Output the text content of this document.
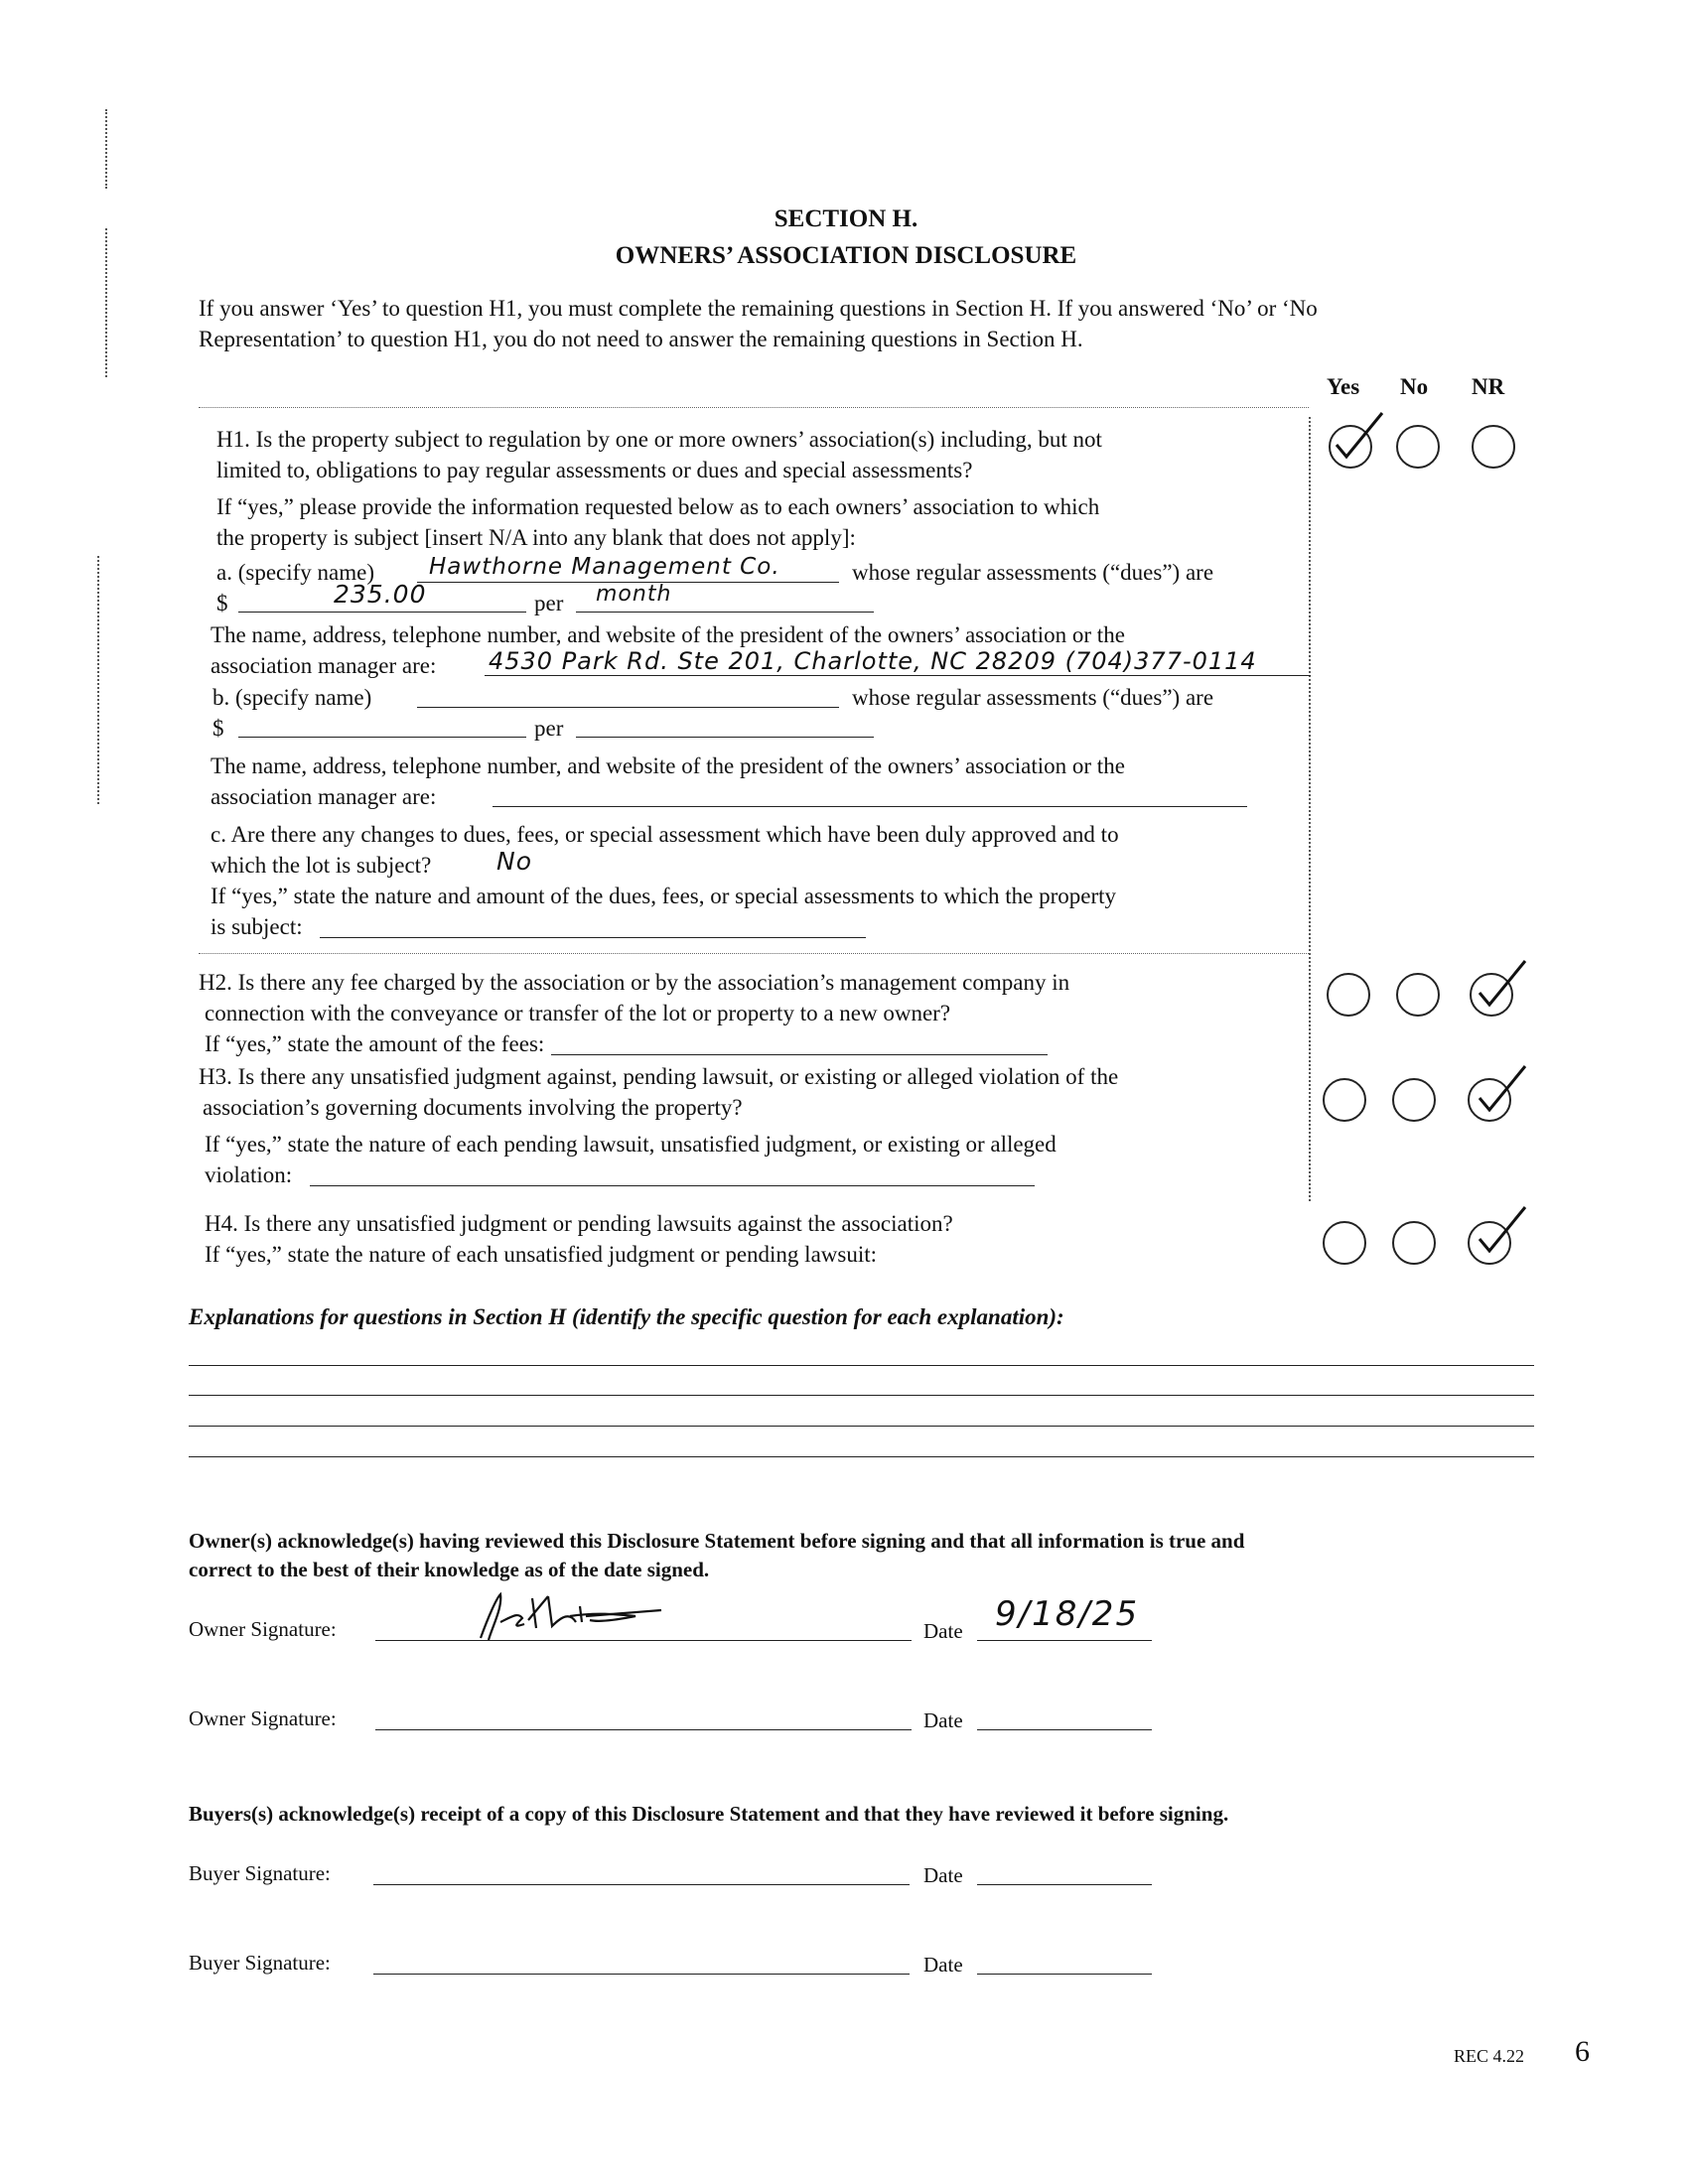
SECTION H.
OWNERS’ ASSOCIATION DISCLOSURE
If you answer ‘Yes’ to question H1, you must complete the remaining questions in Section H. If you answered ‘No’ or ‘No
Representation’ to question H1, you do not need to answer the remaining questions in Section H.
Yes No NR
H1. Is the property subject to regulation by one or more owners’ association(s) including, but not
limited to, obligations to pay regular assessments or dues and special assessments?
If “yes,” please provide the information requested below as to each owners’ association to which
the property is subject [insert N/A into any blank that does not apply]:
a. (specify name) Hawthorne Management Co.	whose regular assessments (“dues”) are
$	235.00	per month
The name, address, telephone number, and website of the president of the owners’ association or the
association manager are: 4530 Park Rd. Ste 201, Charlotte, NC 28209 (704)377-0114
b. (specify name)	whose regular assessments (“dues”) are
$	per
The name, address, telephone number, and website of the president of the owners’ association or the
association manager are:
c. Are there any changes to dues, fees, or special assessment which have been duly approved and to
which the lot is subject?	No
If “yes,” state the nature and amount of the dues, fees, or special assessments to which the property
is subject:
H2. Is there any fee charged by the association or by the association’s management company in
connection with the conveyance or transfer of the lot or property to a new owner?
If “yes,” state the amount of the fees:
H3. Is there any unsatisfied judgment against, pending lawsuit, or existing or alleged violation of the
association’s governing documents involving the property?
If “yes,” state the nature of each pending lawsuit, unsatisfied judgment, or existing or alleged
violation:
H4. Is there any unsatisfied judgment or pending lawsuits against the association?
If “yes,” state the nature of each unsatisfied judgment or pending lawsuit:
Explanations for questions in Section H (identify the specific question for each explanation):
Owner(s) acknowledge(s) having reviewed this Disclosure Statement before signing and that all information is true and
correct to the best of their knowledge as of the date signed.
Owner Signature:	Date 9/18/25
Owner Signature:	Date
Buyers(s) acknowledge(s) receipt of a copy of this Disclosure Statement and that they have reviewed it before signing.
Buyer Signature:	Date
Buyer Signature:	Date
REC 4.22 6
